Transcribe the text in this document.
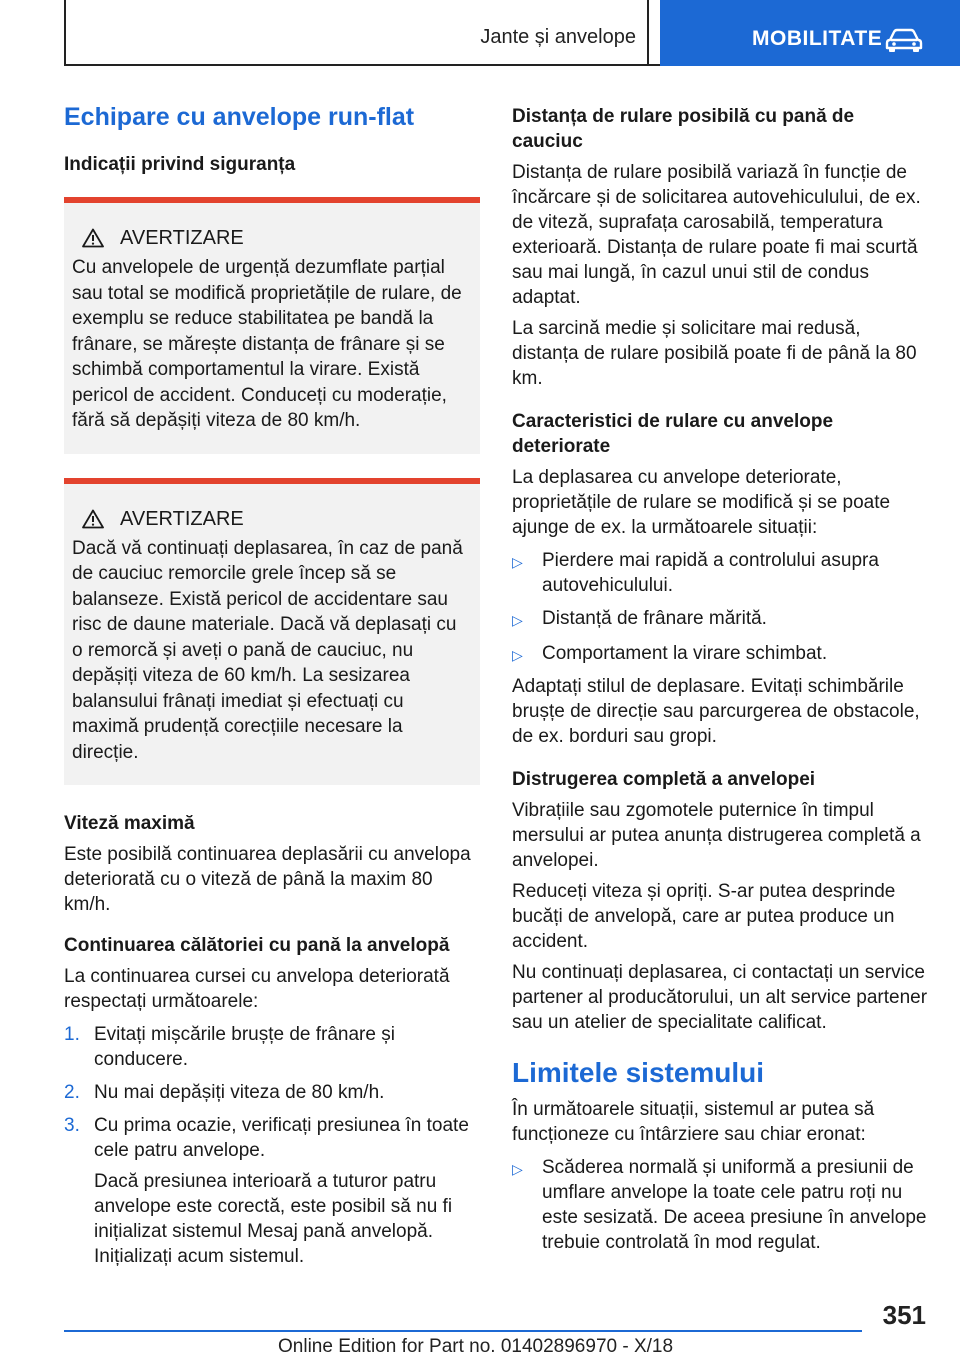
Jante și anvelope	MOBILITATE
Echipare cu anvelope run-flat
Indicații privind siguranța
AVERTIZARE
Cu anvelopele de urgență dezumflate parțial sau total se modifică proprietățile de rulare, de exemplu se reduce stabilitatea pe bandă la frânare, se mărește distanța de frânare și se schimbă comportamentul la virare. Există pericol de accident. Conduceți cu moderație, fără să depășiți viteza de 80 km/h.
AVERTIZARE
Dacă vă continuați deplasarea, în caz de pană de cauciuc remorcile grele încep să se balanseze. Există pericol de accidentare sau risc de daune materiale. Dacă vă deplasați cu o remorcă și aveți o pană de cauciuc, nu depășiți viteza de 60 km/h. La sesizarea balansului frânați imediat și efectuați cu maximă prudență corecțiile necesare la direcție.
Viteză maximă
Este posibilă continuarea deplasării cu anvelopa deteriorată cu o viteză de până la maxim 80 km/h.
Continuarea călătoriei cu pană la anvelopă
La continuarea cursei cu anvelopa deteriorată respectați următoarele:
1. Evitați mișcările brușțe de frânare și conducere.
2. Nu mai depășiți viteza de 80 km/h.
3. Cu prima ocazie, verificați presiunea în toate cele patru anvelope.
Dacă presiunea interioară a tuturor patru anvelope este corectă, este posibil să nu fi inițializat sistemul Mesaj pană anvelopă. Inițializați acum sistemul.
Distanța de rulare posibilă cu pană de cauciuc
Distanța de rulare posibilă variază în funcție de încărcare și de solicitarea autovehiculului, de ex. de viteză, suprafața carosabilă, temperatura exterioară. Distanța de rulare poate fi mai scurtă sau mai lungă, în cazul unui stil de condus adaptat.
La sarcină medie și solicitare mai redusă, distanța de rulare posibilă poate fi de până la 80 km.
Caracteristici de rulare cu anvelope deteriorate
La deplasarea cu anvelope deteriorate, proprietățile de rulare se modifică și se poate ajunge de ex. la următoarele situații:
▷	Pierdere mai rapidă a controlului asupra autovehiculului.
▷	Distanță de frânare mărită.
▷	Comportament la virare schimbat.
Adaptați stilul de deplasare. Evitați schimbările brușțe de direcție sau parcurgerea de obstacole, de ex. borduri sau gropi.
Distrugerea completă a anvelopei
Vibrațiile sau zgomotele puternice în timpul mersului ar putea anunța distrugerea completă a anvelopei.
Reduceți viteza și opriți. S-ar putea desprinde bucăți de anvelopă, care ar putea produce un accident.
Nu continuați deplasarea, ci contactați un service partener al producătorului, un alt service partener sau un atelier de specialitate calificat.
Limitele sistemului
În următoarele situații, sistemul ar putea să funcționeze cu întârziere sau chiar eronat:
▷	Scăderea normală și uniformă a presiunii de umflare anvelope la toate cele patru roți nu este sesizată. De aceea presiune în anvelope trebuie controlată în mod regulat.
351
Online Edition for Part no. 01402896970 - X/18
